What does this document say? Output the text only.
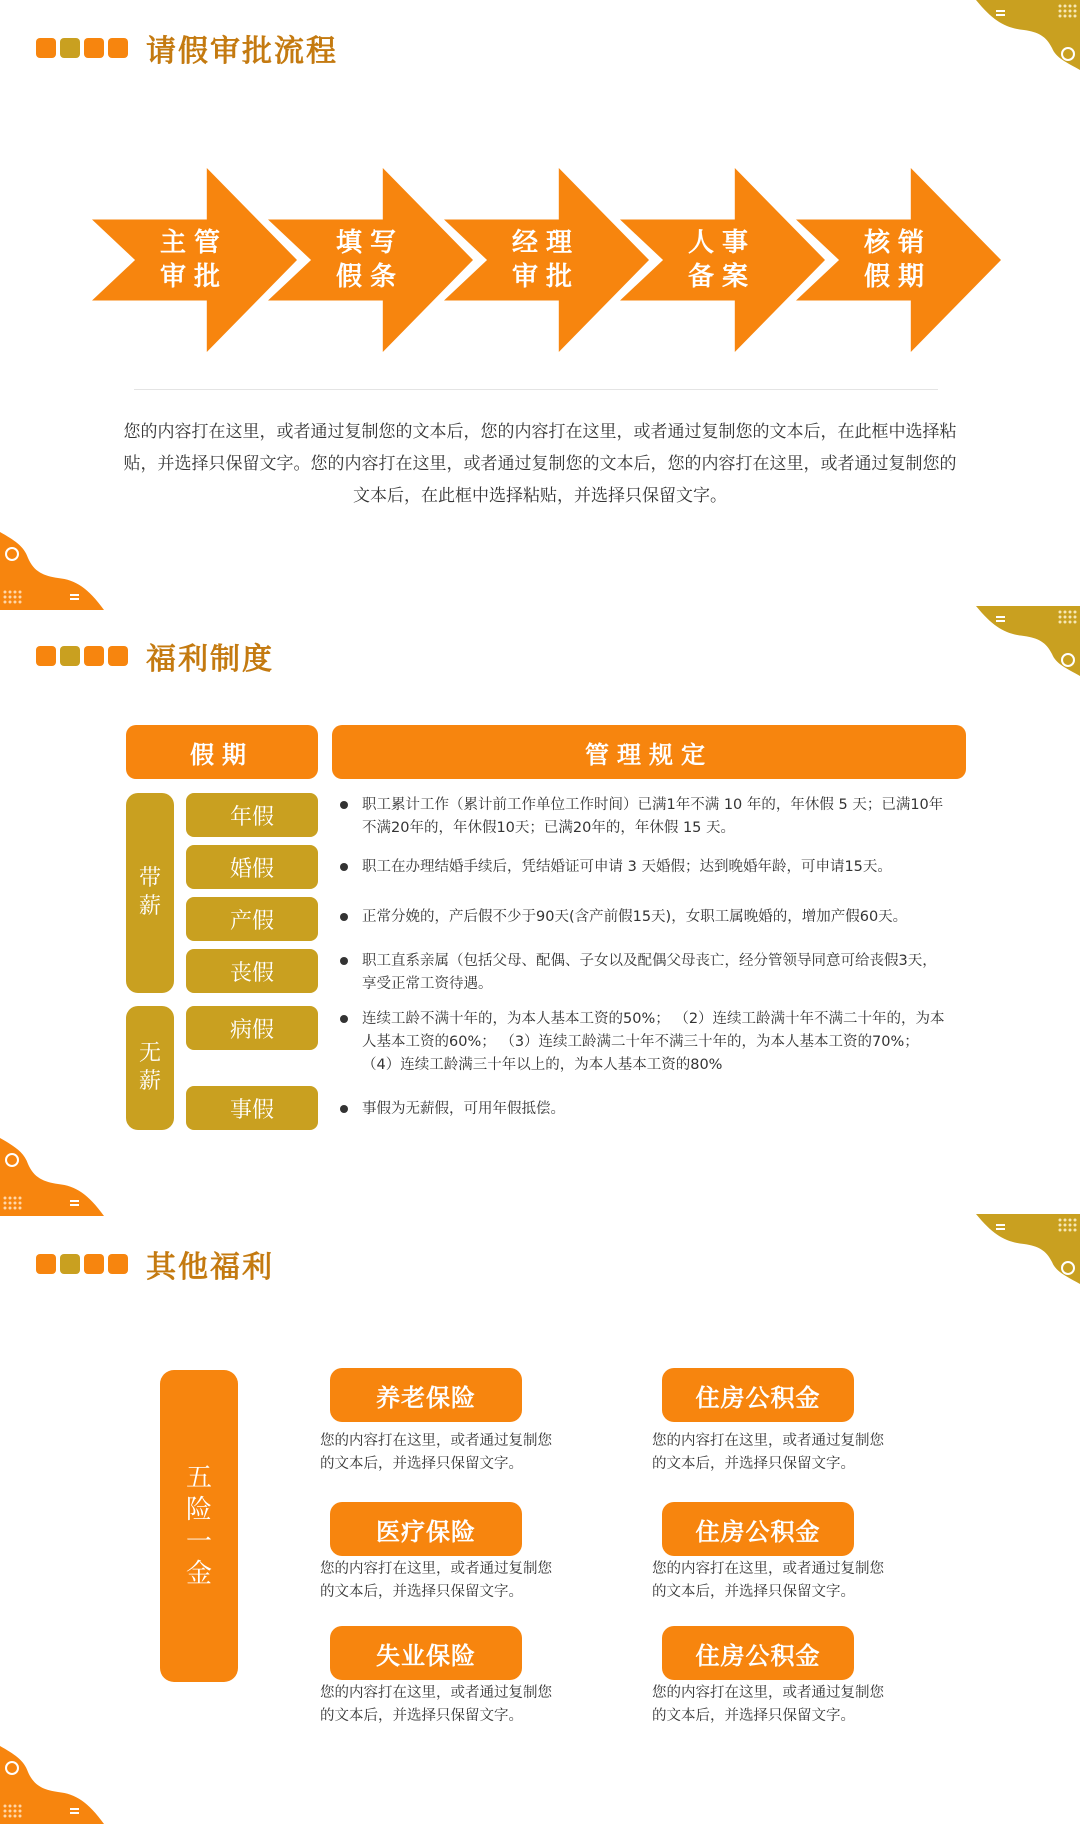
请假审批流程
主管
审批
填写
假条
经理
审批
人事
备案
核销
假期
您的内容打在这里，或者通过复制您的文本后，您的内容打在这里，或者通过复制您的文本后，在此框中选择粘贴，并选择只保留文字。您的内容打在这里，或者通过复制您的文本后，您的内容打在这里，或者通过复制您的文本后，在此框中选择粘贴，并选择只保留文字。
福利制度
假期	管理规定
带薪
无薪
年假
婚假
产假
丧假
病假
事假
职工累计工作（累计前工作单位工作时间）已满1年不满 10 年的，年休假 5 天；已满10年不满20年的，年休假10天；已满20年的，年休假 15 天。
职工在办理结婚手续后，凭结婚证可申请 3 天婚假；达到晚婚年龄，可申请15天。
正常分娩的，产后假不少于90天(含产前假15天)，女职工属晚婚的，增加产假60天。
职工直系亲属（包括父母、配偶、子女以及配偶父母丧亡，经分管领导同意可给丧假3天，享受正常工资待遇。
连续工龄不满十年的，为本人基本工资的50%； （2）连续工龄满十年不满二十年的，为本人基本工资的60%； （3）连续工龄满二十年不满三十年的，为本人基本工资的70%； （4）连续工龄满三十年以上的，为本人基本工资的80%
事假为无薪假，可用年假抵偿。
其他福利
五险一金
养老保险
您的内容打在这里，或者通过复制您的文本后，并选择只保留文字。
住房公积金
您的内容打在这里，或者通过复制您的文本后，并选择只保留文字。
医疗保险
您的内容打在这里，或者通过复制您的文本后，并选择只保留文字。
住房公积金
您的内容打在这里，或者通过复制您的文本后，并选择只保留文字。
失业保险
您的内容打在这里，或者通过复制您的文本后，并选择只保留文字。
住房公积金
您的内容打在这里，或者通过复制您的文本后，并选择只保留文字。
